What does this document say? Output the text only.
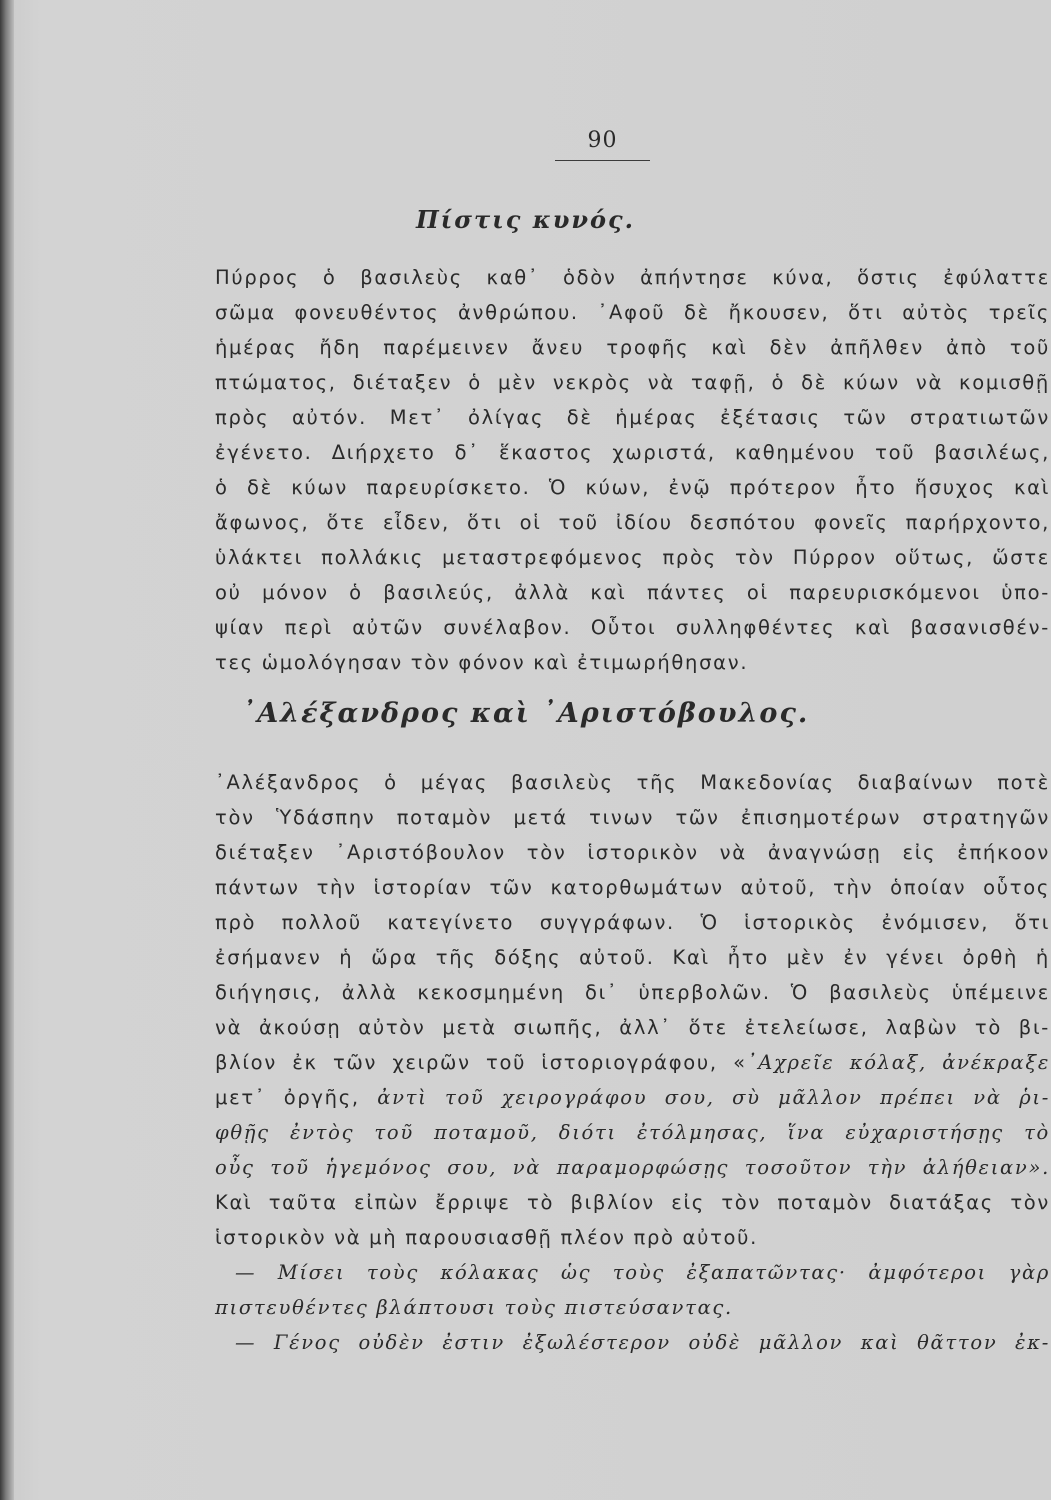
90
Πίστις κυνός.
Πύρρος ὁ βασιλεὺς καθ᾿ ὁδὸν ἀπήντησε κύνα, ὅστις ἐφύλαττε
σῶμα φονευθέντος ἀνθρώπου. ᾿Αφοῦ δὲ ἤκουσεν, ὅτι αὐτὸς τρεῖς
ἡμέρας ἤδη παρέμεινεν ἄνευ τροφῆς καὶ δὲν ἀπῆλθεν ἀπὸ τοῦ
πτώματος, διέταξεν ὁ μὲν νεκρὸς νὰ ταφῇ, ὁ δὲ κύων νὰ κομισθῇ
πρὸς αὐτόν. Μετ᾿ ὀλίγας δὲ ἡμέρας ἐξέτασις τῶν στρατιωτῶν
ἐγένετο. Διήρχετο δ᾿ ἕκαστος χωριστά, καθημένου τοῦ βασιλέως,
ὁ δὲ κύων παρευρίσκετο. Ὁ κύων, ἐνῷ πρότερον ἦτο ἥσυχος καὶ
ἄφωνος, ὅτε εἶδεν, ὅτι οἱ τοῦ ἰδίου δεσπότου φονεῖς παρήρχοντο,
ὑλάκτει πολλάκις μεταστρεφόμενος πρὸς τὸν Πύρρον οὕτως, ὥστε
οὐ μόνον ὁ βασιλεύς, ἀλλὰ καὶ πάντες οἱ παρευρισκόμενοι ὑπο-
ψίαν περὶ αὐτῶν συνέλαβον. Οὗτοι συλληφθέντες καὶ βασανισθέν-
τες ὡμολόγησαν τὸν φόνον καὶ ἐτιμωρήθησαν.
᾿Αλέξανδρος καὶ ᾿Αριστόβουλος.
᾿Αλέξανδρος ὁ μέγας βασιλεὺς τῆς Μακεδονίας διαβαίνων ποτὲ
τὸν Ὑδάσπην ποταμὸν μετά τινων τῶν ἐπισημοτέρων στρατηγῶν
διέταξεν ᾿Αριστόβουλον τὸν ἱστορικὸν νὰ ἀναγνώσῃ εἰς ἐπήκοον
πάντων τὴν ἱστορίαν τῶν κατορθωμάτων αὐτοῦ, τὴν ὁποίαν οὗτος
πρὸ πολλοῦ κατεγίνετο συγγράφων. Ὁ ἱστορικὸς ἐνόμισεν, ὅτι
ἐσήμανεν ἡ ὥρα τῆς δόξης αὐτοῦ. Καὶ ἦτο μὲν ἐν γένει ὀρθὴ ἡ
διήγησις, ἀλλὰ κεκοσμημένη δι᾿ ὑπερβολῶν. Ὁ βασιλεὺς ὑπέμεινε
νὰ ἀκούσῃ αὐτὸν μετὰ σιωπῆς, ἀλλ᾿ ὅτε ἐτελείωσε, λαβὼν τὸ βι-
βλίον ἐκ τῶν χειρῶν τοῦ ἱστοριογράφου, «᾿Αχρεῖε κόλαξ, ἀνέκραξε
μετ᾿ ὀργῆς, ἀντὶ τοῦ χειρογράφου σου, σὺ μᾶλλον πρέπει νὰ ῥι-
φθῇς ἐντὸς τοῦ ποταμοῦ, διότι ἐτόλμησας, ἵνα εὐχαριστήσῃς τὸ
οὖς τοῦ ἡγεμόνος σου, νὰ παραμορφώσῃς τοσοῦτον τὴν ἀλήθειαν».
Καὶ ταῦτα εἰπὼν ἔρριψε τὸ βιβλίον εἰς τὸν ποταμὸν διατάξας τὸν
ἱστορικὸν νὰ μὴ παρουσιασθῇ πλέον πρὸ αὐτοῦ.
— Μίσει τοὺς κόλακας ὡς τοὺς ἐξαπατῶντας· ἀμφότεροι γὰρ
πιστευθέντες βλάπτουσι τοὺς πιστεύσαντας.
— Γένος οὐδὲν ἐστιν ἐξωλέστερον οὐδὲ μᾶλλον καὶ θᾶττον ἐκ-
